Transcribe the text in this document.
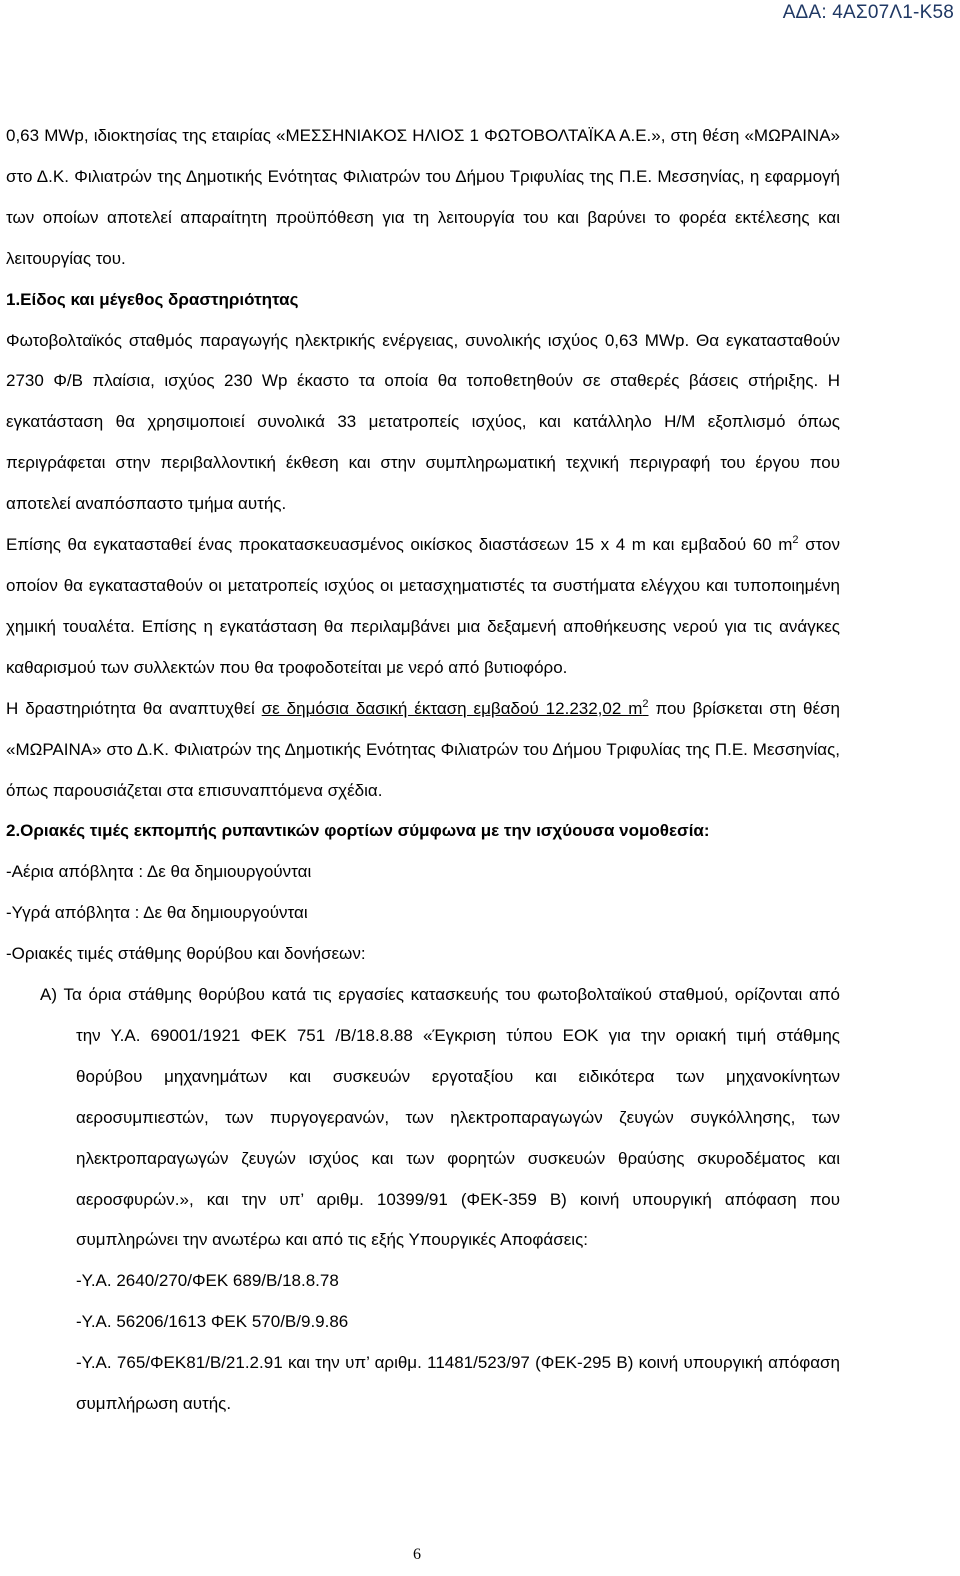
ΑΔΑ: 4ΑΣ07Λ1-Κ58

0,63 MWp, ιδιοκτησίας της εταιρίας «ΜΕΣΣΗΝΙΑΚΟΣ ΗΛΙΟΣ 1 ΦΩΤΟΒΟΛΤΑΪΚΑ Α.Ε.», στη θέση «ΜΩΡΑΙΝΑ» στο Δ.Κ. Φιλιατρών της Δημοτικής Ενότητας Φιλιατρών του Δήμου Τριφυλίας της Π.Ε. Μεσσηνίας, η εφαρμογή των οποίων αποτελεί απαραίτητη προϋπόθεση για τη λειτουργία του και βαρύνει το φορέα εκτέλεσης και λειτουργίας του.

1.Είδος και μέγεθος δραστηριότητας

Φωτοβολταϊκός σταθμός παραγωγής ηλεκτρικής ενέργειας, συνολικής ισχύος 0,63 MWp. Θα εγκατασταθούν 2730 Φ/Β πλαίσια, ισχύος 230 Wp έκαστο τα οποία θα τοποθετηθούν σε σταθερές βάσεις στήριξης. Η εγκατάσταση θα χρησιμοποιεί συνολικά 33 μετατροπείς ισχύος, και κατάλληλο Η/Μ εξοπλισμό όπως περιγράφεται στην περιβαλλοντική έκθεση και στην συμπληρωματική τεχνική περιγραφή του έργου που αποτελεί αναπόσπαστο τμήμα αυτής.

Επίσης θα εγκατασταθεί ένας προκατασκευασμένος οικίσκος διαστάσεων 15 x 4 m και εμβαδού 60 $m^2$ στον οποίον θα εγκατασταθούν οι μετατροπείς ισχύος οι μετασχηματιστές τα συστήματα ελέγχου και τυποποιημένη χημική τουαλέτα. Επίσης η εγκατάσταση θα περιλαμβάνει μια δεξαμενή αποθήκευσης νερού για τις ανάγκες καθαρισμού των συλλεκτών που θα τροφοδοτείται με νερό από βυτιοφόρο.

Η δραστηριότητα θα αναπτυχθεί σε δημόσια δασική έκταση εμβαδού 12.232,02 $m^2$ που βρίσκεται στη θέση «ΜΩΡΑΙΝΑ» στο Δ.Κ. Φιλιατρών της Δημοτικής Ενότητας Φιλιατρών του Δήμου Τριφυλίας της Π.Ε. Μεσσηνίας, όπως παρουσιάζεται στα επισυναπτόμενα σχέδια.

2.Οριακές τιμές εκπομπής ρυπαντικών φορτίων σύμφωνα με την ισχύουσα νομοθεσία:

-Αέρια απόβλητα : Δε θα δημιουργούνται

-Υγρά απόβλητα : Δε θα δημιουργούνται

-Οριακές τιμές στάθμης θορύβου και δονήσεων:

Α) Τα όρια στάθμης θορύβου κατά τις εργασίες κατασκευής του φωτοβολταϊκού σταθμού, ορίζονται από την Υ.Α. 69001/1921 ΦΕΚ 751 /Β/18.8.88 «Έγκριση τύπου ΕΟΚ για την οριακή τιμή στάθμης θορύβου μηχανημάτων και συσκευών εργοταξίου και ειδικότερα των μηχανοκίνητων αεροσυμπιεστών, των πυργογερανών, των ηλεκτροπαραγωγών ζευγών συγκόλλησης, των ηλεκτροπαραγωγών ζευγών ισχύος και των φορητών συσκευών θραύσης σκυροδέματος και αεροσφυρών.», και την υπ’ αριθμ. 10399/91 (ΦΕΚ-359 Β) κοινή υπουργική απόφαση που συμπληρώνει την ανωτέρω και από τις εξής Υπουργικές Αποφάσεις:

-Υ.Α. 2640/270/ΦΕΚ 689/Β/18.8.78

-Υ.Α. 56206/1613 ΦΕΚ 570/Β/9.9.86

-Υ.Α. 765/ΦΕΚ81/Β/21.2.91 και την υπ’ αριθμ. 11481/523/97 (ΦΕΚ-295 Β) κοινή υπουργική απόφαση συμπλήρωση αυτής.

6
